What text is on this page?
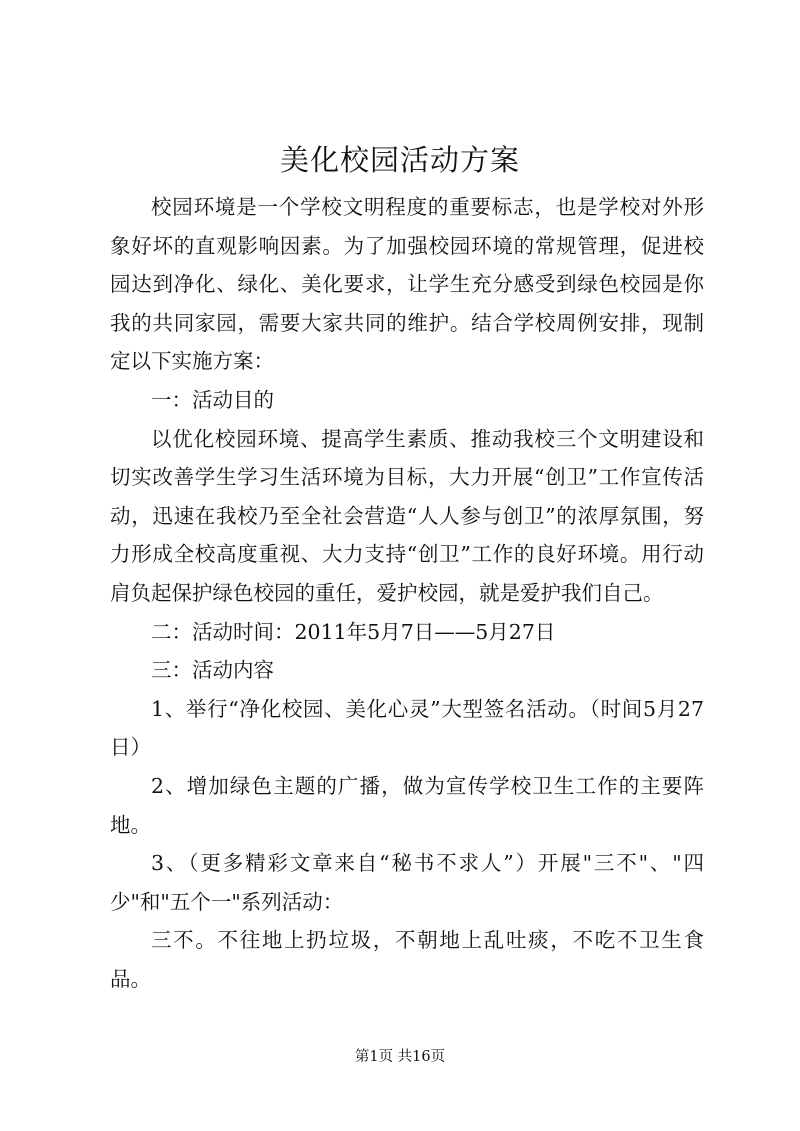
美化校园活动方案

校园环境是一个学校文明程度的重要标志，也是学校对外形象好坏的直观影响因素。为了加强校园环境的常规管理，促进校园达到净化、绿化、美化要求，让学生充分感受到绿色校园是你我的共同家园，需要大家共同的维护。结合学校周例安排，现制定以下实施方案：

一：活动目的

以优化校园环境、提高学生素质、推动我校三个文明建设和切实改善学生学习生活环境为目标，大力开展“创卫”工作宣传活动，迅速在我校乃至全社会营造“人人参与创卫”的浓厚氛围，努力形成全校高度重视、大力支持“创卫”工作的良好环境。用行动肩负起保护绿色校园的重任，爱护校园，就是爱护我们自己。

二：活动时间：2011年5月7日——5月27日

三：活动内容

1、举行“净化校园、美化心灵”大型签名活动。（时间5月27日）

2、增加绿色主题的广播，做为宣传学校卫生工作的主要阵地。

3、（更多精彩文章来自“秘书不求人”）开展"三不"、"四少"和"五个一"系列活动：

三不。不往地上扔垃圾，不朝地上乱吐痰，不吃不卫生食品。

第1页 共16页
